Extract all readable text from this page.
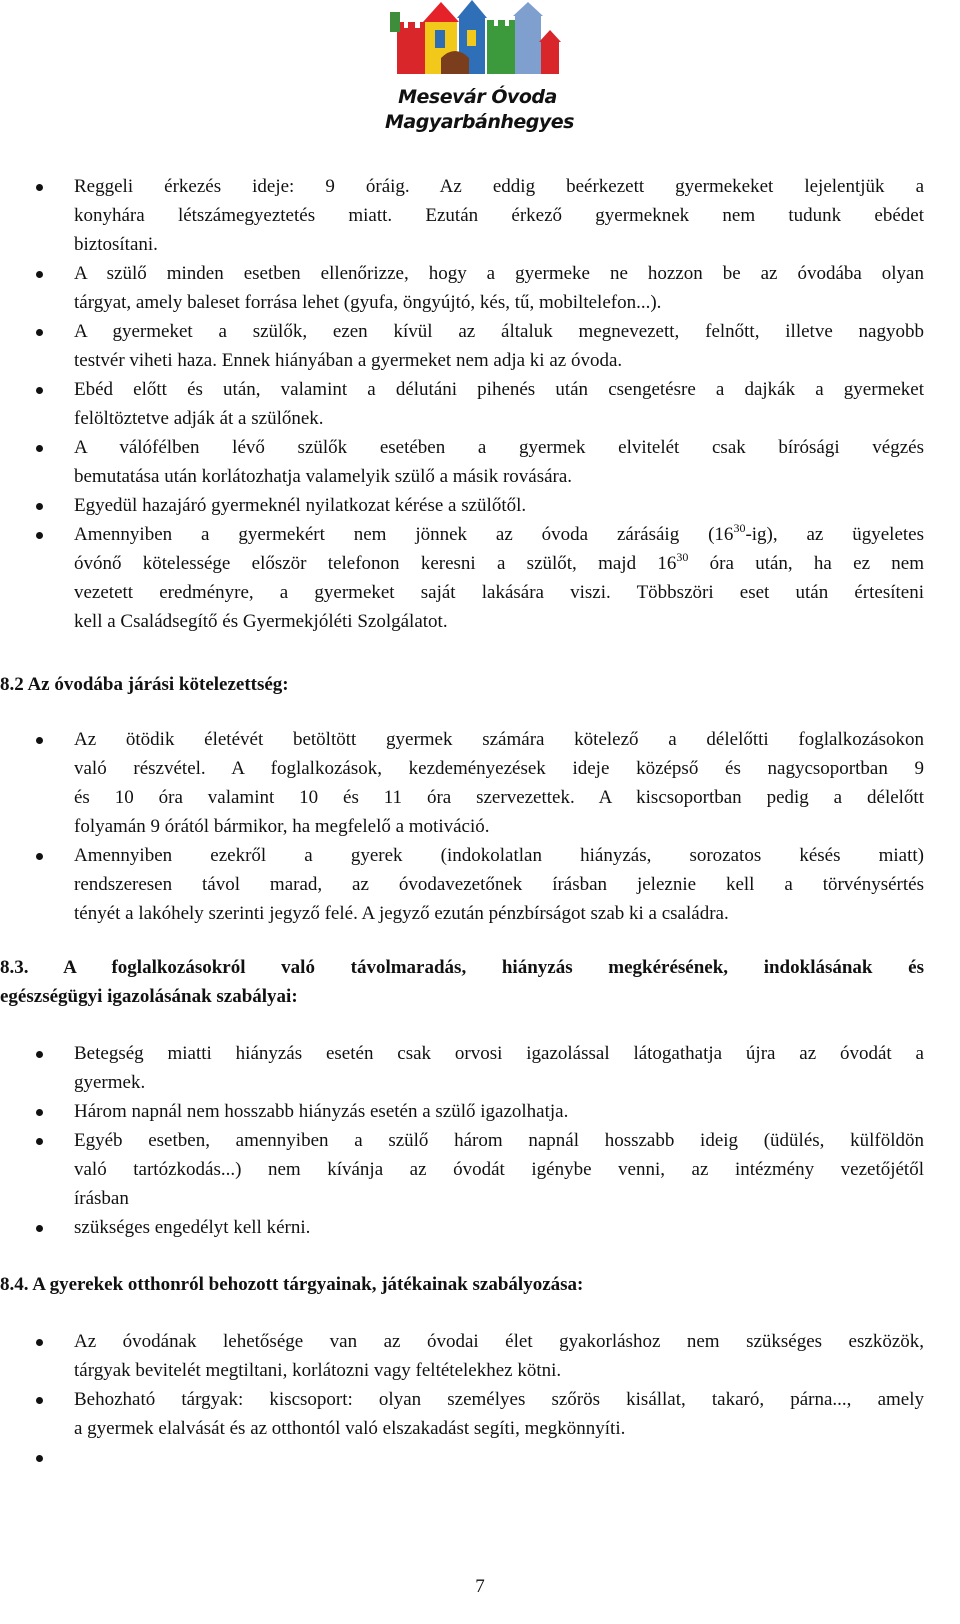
Mesevár Óvoda
Magyarbánhegyes
Reggeli érkezés ideje: 9 óráig. Az eddig beérkezett gyermekeket lejelentjük a
konyhára létszámegyeztetés miatt. Ezután érkező gyermeknek nem tudunk ebédet
biztosítani.
A szülő minden esetben ellenőrizze, hogy a gyermeke ne hozzon be az óvodába olyan
tárgyat, amely baleset forrása lehet (gyufa, öngyújtó, kés, tű, mobiltelefon...).
A gyermeket a szülők, ezen kívül az általuk megnevezett, felnőtt, illetve nagyobb
testvér viheti haza. Ennek hiányában a gyermeket nem adja ki az óvoda.
Ebéd előtt és után, valamint a délutáni pihenés után csengetésre a dajkák a gyermeket
felöltöztetve adják át a szülőnek.
A válófélben lévő szülők esetében a gyermek elvitelét csak bírósági végzés
bemutatása után korlátozhatja valamelyik szülő a másik rovására.
Egyedül hazajáró gyermeknél nyilatkozat kérése a szülőtől.
Amennyiben a gyermekért nem jönnek az óvoda zárásáig $(16^{30}-ig)$, az ügyeletes
óvónő kötelessége először telefonon keresni a szülőt, majd $16^{30}$ óra után, ha ez nem
vezetett eredményre, a gyermeket saját lakására viszi. Többszöri eset után értesíteni
kell a Családsegítő és Gyermekjóléti Szolgálatot.
8.2 Az óvodába járási kötelezettség:
Az ötödik életévét betöltött gyermek számára kötelező a délelőtti foglalkozásokon
való részvétel. A foglalkozások, kezdeményezések ideje középső és nagycsoportban 9
és 10 óra valamint 10 és 11 óra szervezettek. A kiscsoportban pedig a délelőtt
folyamán 9 órától bármikor, ha megfelelő a motiváció.
Amennyiben ezekről a gyerek (indokolatlan hiányzás, sorozatos késés miatt)
rendszeresen távol marad, az óvodavezetőnek írásban jeleznie kell a törvénysértés
tényét a lakóhely szerinti jegyző felé. A jegyző ezután pénzbírságot szab ki a családra.
8.3. A foglalkozásokról való távolmaradás, hiányzás megkérésének, indoklásának és
egészségügyi igazolásának szabályai:
Betegség miatti hiányzás esetén csak orvosi igazolással látogathatja újra az óvodát a
gyermek.
Három napnál nem hosszabb hiányzás esetén a szülő igazolhatja.
Egyéb esetben, amennyiben a szülő három napnál hosszabb ideig (üdülés, külföldön
való tartózkodás...) nem kívánja az óvodát igénybe venni, az intézmény vezetőjétől
írásban
szükséges engedélyt kell kérni.
8.4. A gyerekek otthonról behozott tárgyainak, játékainak szabályozása:
Az óvodának lehetősége van az óvodai élet gyakorláshoz nem szükséges eszközök,
tárgyak bevitelét megtiltani, korlátozni vagy feltételekhez kötni.
Behozható tárgyak: kiscsoport: olyan személyes szőrös kisállat, takaró, párna..., amely
a gyermek elalvását és az otthontól való elszakadást segíti, megkönnyíti.
7
